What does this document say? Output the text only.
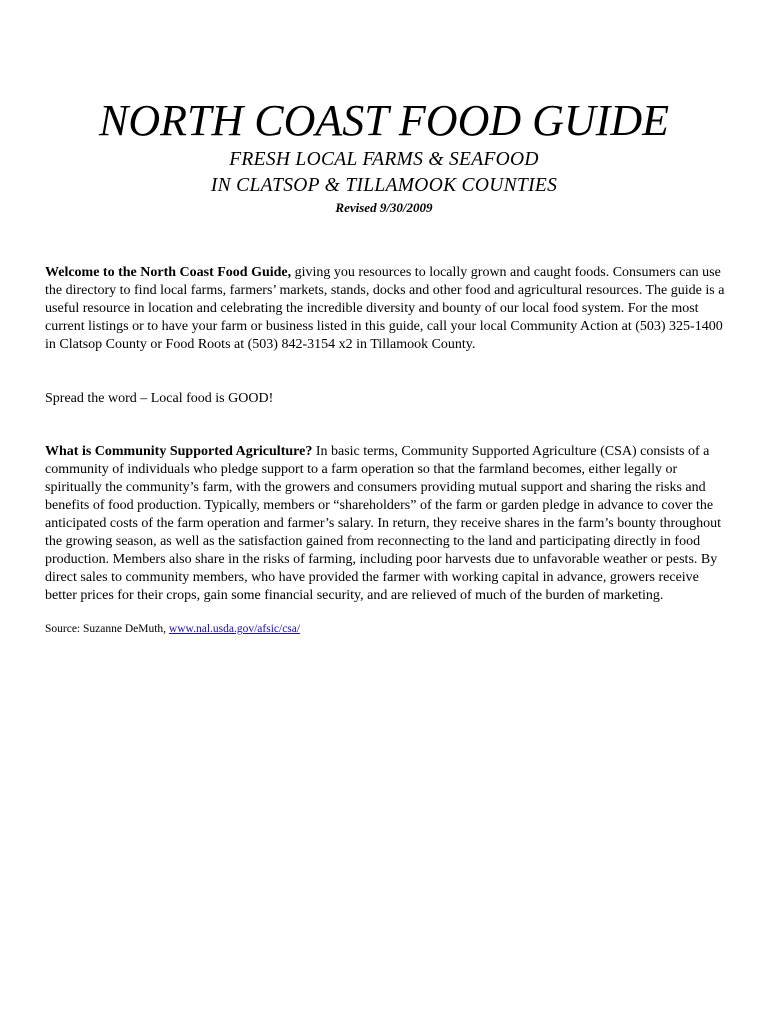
NORTH COAST FOOD GUIDE
FRESH LOCAL FARMS & SEAFOOD
IN CLATSOP & TILLAMOOK COUNTIES
Revised 9/30/2009

Welcome to the North Coast Food Guide, giving you resources to locally grown and caught foods. Consumers can use the directory to find local farms, farmers’ markets, stands, docks and other food and agricultural resources. The guide is a useful resource in location and celebrating the incredible diversity and bounty of our local food system. For the most current listings or to have your farm or business listed in this guide, call your local Community Action at (503) 325-1400 in Clatsop County or Food Roots at (503) 842-3154 x2 in Tillamook County.

Spread the word – Local food is GOOD!

What is Community Supported Agriculture? In basic terms, Community Supported Agriculture (CSA) consists of a community of individuals who pledge support to a farm operation so that the farmland becomes, either legally or spiritually the community’s farm, with the growers and consumers providing mutual support and sharing the risks and benefits of food production. Typically, members or “shareholders” of the farm or garden pledge in advance to cover the anticipated costs of the farm operation and farmer’s salary. In return, they receive shares in the farm’s bounty throughout the growing season, as well as the satisfaction gained from reconnecting to the land and participating directly in food production. Members also share in the risks of farming, including poor harvests due to unfavorable weather or pests. By direct sales to community members, who have provided the farmer with working capital in advance, growers receive better prices for their crops, gain some financial security, and are relieved of much of the burden of marketing.

Source: Suzanne DeMuth, www.nal.usda.gov/afsic/csa/
